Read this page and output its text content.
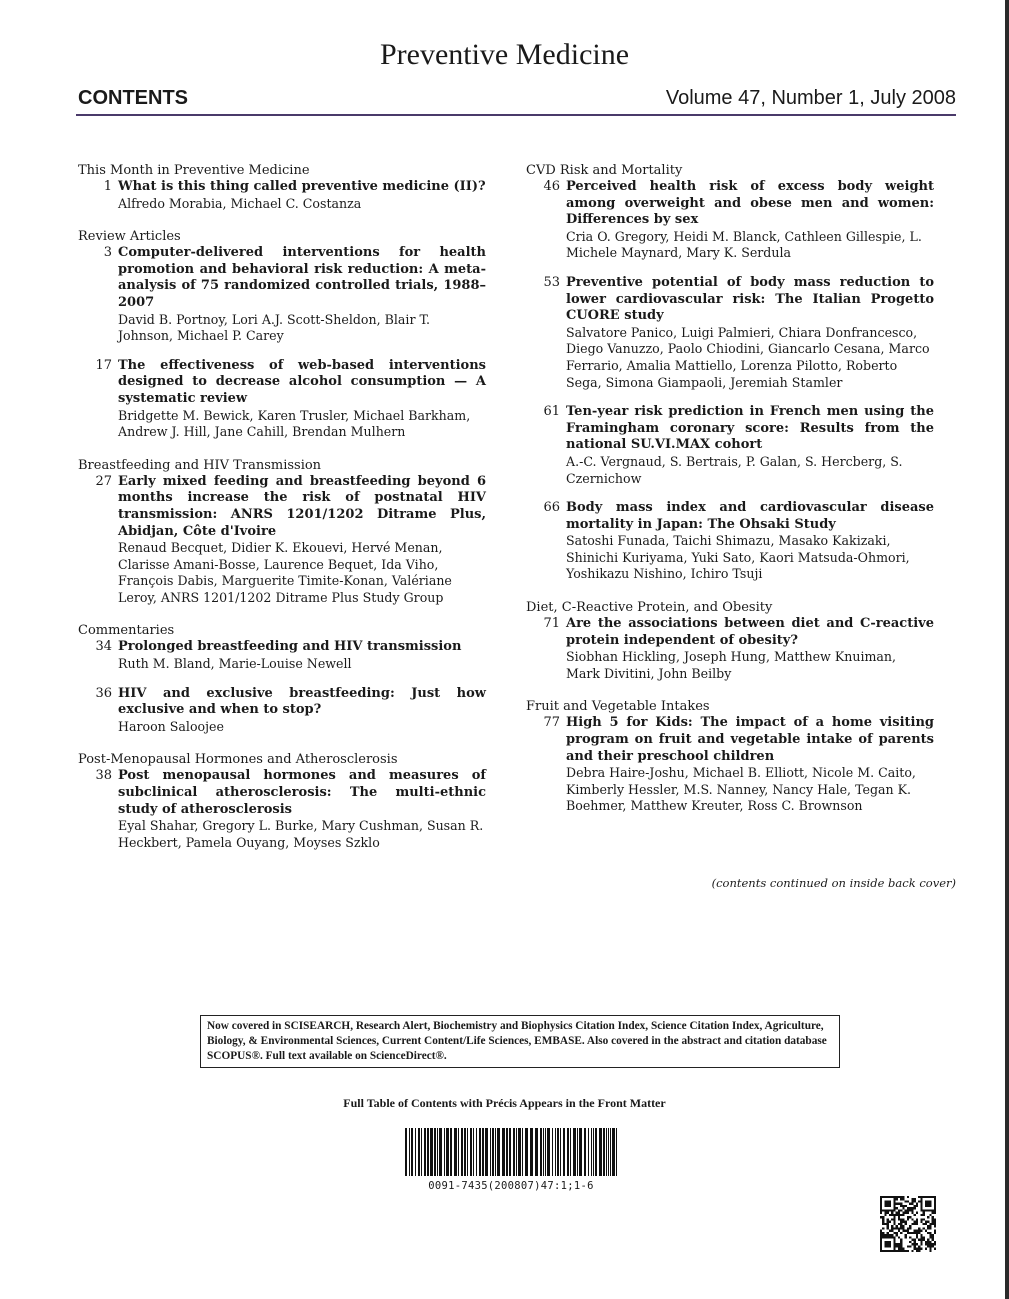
Preventive Medicine
CONTENTS	Volume 47, Number 1, July 2008
This Month in Preventive Medicine
1 What is this thing called preventive medicine (II)?
Alfredo Morabia, Michael C. Costanza
Review Articles
3 Computer-delivered interventions for health promotion and behavioral risk reduction: A meta-analysis of 75 randomized controlled trials, 1988–2007
David B. Portnoy, Lori A.J. Scott-Sheldon, Blair T. Johnson, Michael P. Carey
17 The effectiveness of web-based interventions designed to decrease alcohol consumption — A systematic review
Bridgette M. Bewick, Karen Trusler, Michael Barkham, Andrew J. Hill, Jane Cahill, Brendan Mulhern
Breastfeeding and HIV Transmission
27 Early mixed feeding and breastfeeding beyond 6 months increase the risk of postnatal HIV transmission: ANRS 1201/1202 Ditrame Plus, Abidjan, Côte d'Ivoire
Renaud Becquet, Didier K. Ekouevi, Hervé Menan, Clarisse Amani-Bosse, Laurence Bequet, Ida Viho, François Dabis, Marguerite Timite-Konan, Valériane Leroy, ANRS 1201/1202 Ditrame Plus Study Group
Commentaries
34 Prolonged breastfeeding and HIV transmission
Ruth M. Bland, Marie-Louise Newell
36 HIV and exclusive breastfeeding: Just how exclusive and when to stop?
Haroon Saloojee
Post-Menopausal Hormones and Atherosclerosis
38 Post menopausal hormones and measures of subclinical atherosclerosis: The multi-ethnic study of atherosclerosis
Eyal Shahar, Gregory L. Burke, Mary Cushman, Susan R. Heckbert, Pamela Ouyang, Moyses Szklo
CVD Risk and Mortality
46 Perceived health risk of excess body weight among overweight and obese men and women: Differences by sex
Cria O. Gregory, Heidi M. Blanck, Cathleen Gillespie, L. Michele Maynard, Mary K. Serdula
53 Preventive potential of body mass reduction to lower cardiovascular risk: The Italian Progetto CUORE study
Salvatore Panico, Luigi Palmieri, Chiara Donfrancesco, Diego Vanuzzo, Paolo Chiodini, Giancarlo Cesana, Marco Ferrario, Amalia Mattiello, Lorenza Pilotto, Roberto Sega, Simona Giampaoli, Jeremiah Stamler
61 Ten-year risk prediction in French men using the Framingham coronary score: Results from the national SU.VI.MAX cohort
A.-C. Vergnaud, S. Bertrais, P. Galan, S. Hercberg, S. Czernichow
66 Body mass index and cardiovascular disease mortality in Japan: The Ohsaki Study
Satoshi Funada, Taichi Shimazu, Masako Kakizaki, Shinichi Kuriyama, Yuki Sato, Kaori Matsuda-Ohmori, Yoshikazu Nishino, Ichiro Tsuji
Diet, C-Reactive Protein, and Obesity
71 Are the associations between diet and C-reactive protein independent of obesity?
Siobhan Hickling, Joseph Hung, Matthew Knuiman, Mark Divitini, John Beilby
Fruit and Vegetable Intakes
77 High 5 for Kids: The impact of a home visiting program on fruit and vegetable intake of parents and their preschool children
Debra Haire-Joshu, Michael B. Elliott, Nicole M. Caito, Kimberly Hessler, M.S. Nanney, Nancy Hale, Tegan K. Boehmer, Matthew Kreuter, Ross C. Brownson
(contents continued on inside back cover)
Now covered in SCISEARCH, Research Alert, Biochemistry and Biophysics Citation Index, Science Citation Index, Agriculture, Biology, & Environmental Sciences, Current Content/Life Sciences, EMBASE. Also covered in the abstract and citation database SCOPUS®. Full text available on ScienceDirect®.
Full Table of Contents with Précis Appears in the Front Matter
0091-7435(200807)47:1;1-6
